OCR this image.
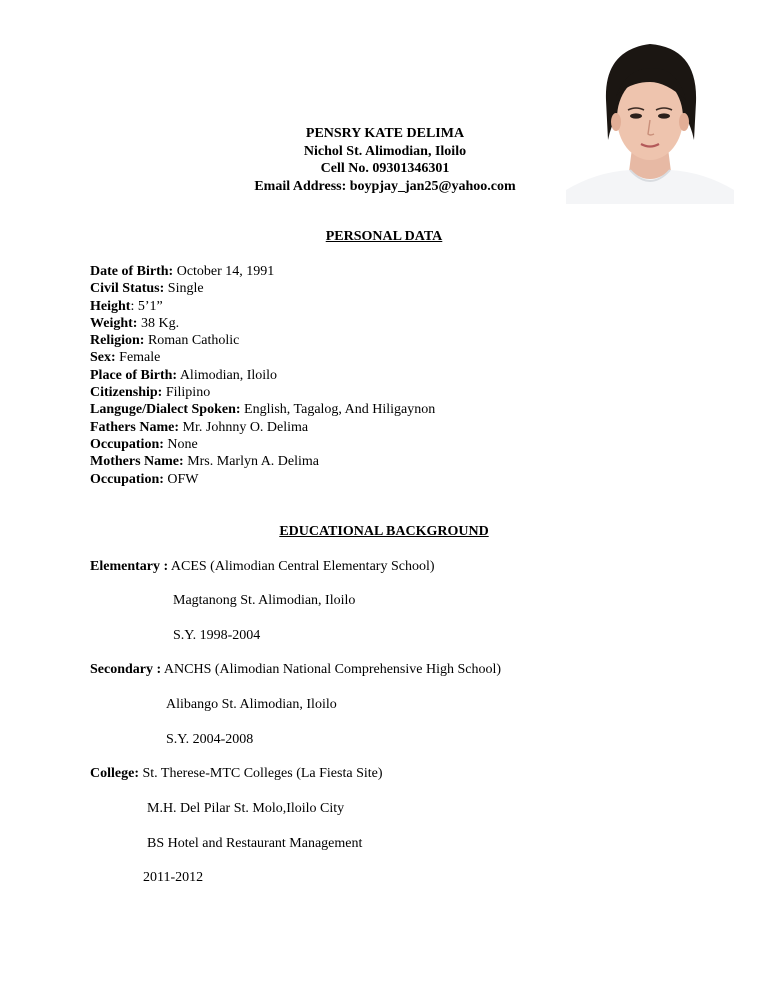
PENSRY KATE DELIMA
Nichol St. Alimodian, Iloilo
Cell No. 09301346301
Email Address: boypjay_jan25@yahoo.com
PERSONAL DATA
Date of Birth: October 14, 1991
Civil Status: Single
Height: 5’1”
Weight: 38 Kg.
Religion: Roman Catholic
Sex: Female
Place of Birth: Alimodian, Iloilo
Citizenship: Filipino
Languge/Dialect Spoken: English, Tagalog, And Hiligaynon
Fathers Name: Mr. Johnny O. Delima
Occupation: None
Mothers Name: Mrs. Marlyn A. Delima
Occupation: OFW
EDUCATIONAL BACKGROUND
Elementary : ACES (Alimodian Central Elementary School)
Magtanong St. Alimodian, Iloilo
S.Y. 1998-2004
Secondary : ANCHS (Alimodian National Comprehensive High School)
Alibango St. Alimodian, Iloilo
S.Y. 2004-2008
College: St. Therese-MTC Colleges (La Fiesta Site)
M.H. Del Pilar St. Molo,Iloilo City
BS Hotel and Restaurant Management
2011-2012
